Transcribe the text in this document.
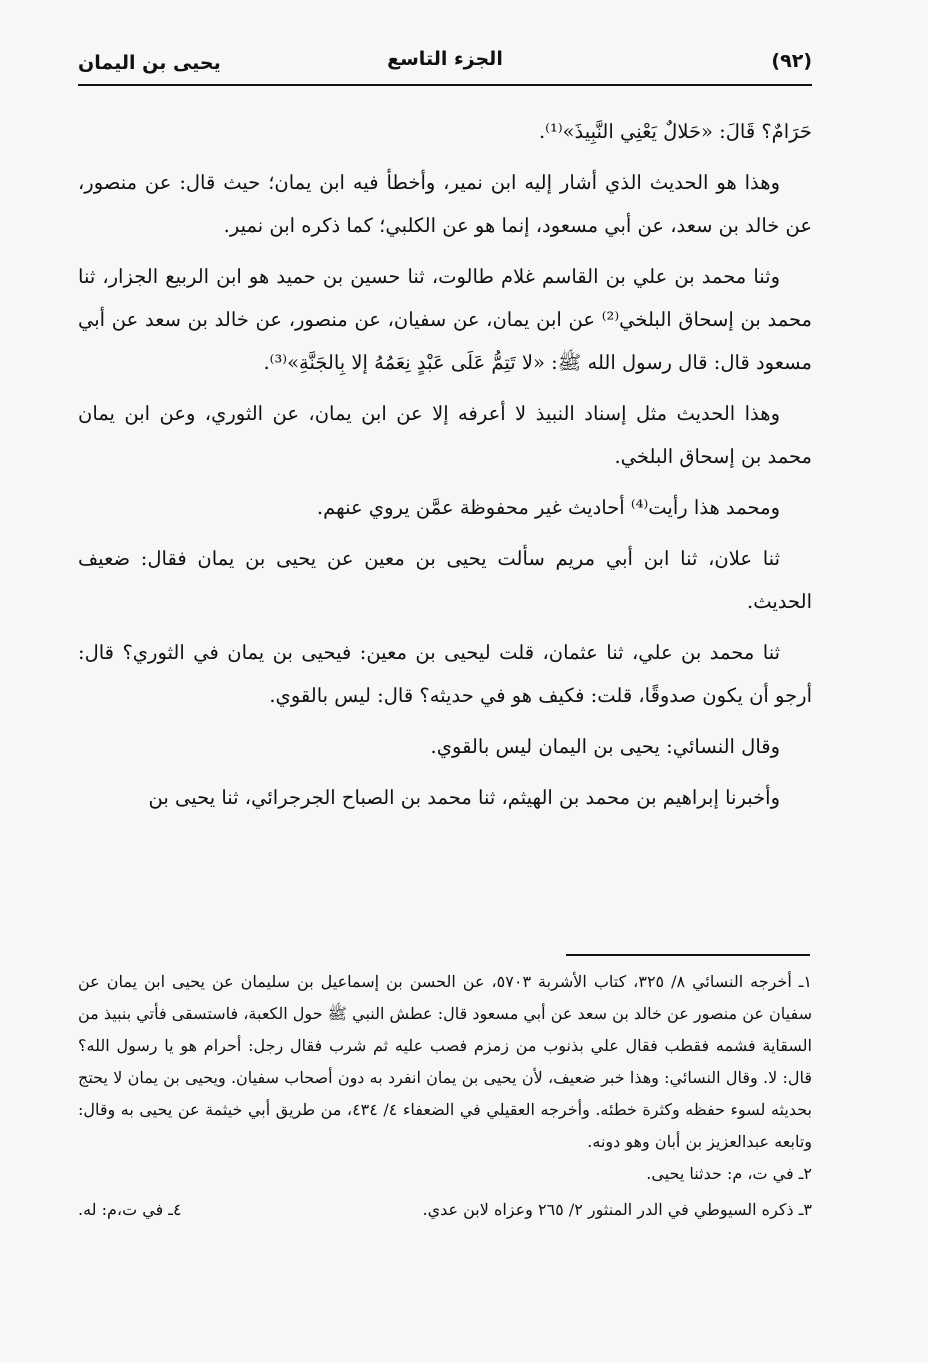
(٩٢)
الجزء التاسع
يحيى بن اليمان

حَرَامٌ؟ قَالَ: «حَلالٌ يَعْنِي النَّبِيذَ»⁽¹⁾.

وهذا هو الحديث الذي أشار إليه ابن نمير، وأخطأ فيه ابن يمان؛ حيث قال: عن منصور، عن خالد بن سعد، عن أبي مسعود، إنما هو عن الكلبي؛ كما ذكره ابن نمير.

وثنا محمد بن علي بن القاسم غلام طالوت، ثنا حسين بن حميد هو ابن الربيع الجزار، ثنا محمد بن إسحاق البلخي⁽²⁾ عن ابن يمان، عن سفيان، عن منصور، عن خالد بن سعد عن أبي مسعود قال: قال رسول الله ﷺ: «لا تَتِمُّ عَلَى عَبْدٍ نِعَمُهُ إلا بِالجَنَّةِ»⁽³⁾.

وهذا الحديث مثل إسناد النبيذ لا أعرفه إلا عن ابن يمان، عن الثوري، وعن ابن يمان محمد بن إسحاق البلخي.

ومحمد هذا رأيت⁽⁴⁾ أحاديث غير محفوظة عمَّن يروي عنهم.

ثنا علان، ثنا ابن أبي مريم سألت يحيى بن معين عن يحيى بن يمان فقال: ضعيف الحديث.

ثنا محمد بن علي، ثنا عثمان، قلت ليحيى بن معين: فيحيى بن يمان في الثوري؟ قال: أرجو أن يكون صدوقًا، قلت: فكيف هو في حديثه؟ قال: ليس بالقوي.

وقال النسائي: يحيى بن اليمان ليس بالقوي.

وأخبرنا إبراهيم بن محمد بن الهيثم، ثنا محمد بن الصباح الجرجرائي، ثنا يحيى بن

١ـ أخرجه النسائي ٨/ ٣٢٥، كتاب الأشربة ٥٧٠٣، عن الحسن بن إسماعيل بن سليمان عن يحيى ابن يمان عن سفيان عن منصور عن خالد بن سعد عن أبي مسعود قال: عطش النبي ﷺ حول الكعبة، فاستسقى فأتي بنبيذ من السقاية فشمه فقطب فقال علي بذنوب من زمزم فصب عليه ثم شرب فقال رجل: أحرام هو يا رسول الله؟ قال: لا. وقال النسائي: وهذا خبر ضعيف، لأن يحيى بن يمان انفرد به دون أصحاب سفيان. ويحيى بن يمان لا يحتج بحديثه لسوء حفظه وكثرة خطئه. وأخرجه العقيلي في الضعفاء ٤/ ٤٣٤، من طريق أبي خيثمة عن يحيى به وقال: وتابعه عبدالعزيز بن أبان وهو دونه.

٢ـ في ت، م: حدثنا يحيى.

٣ـ ذكره السيوطي في الدر المنثور ٢/ ٢٦٥ وعزاه لابن عدي.
٤ـ في ت،م: له.
